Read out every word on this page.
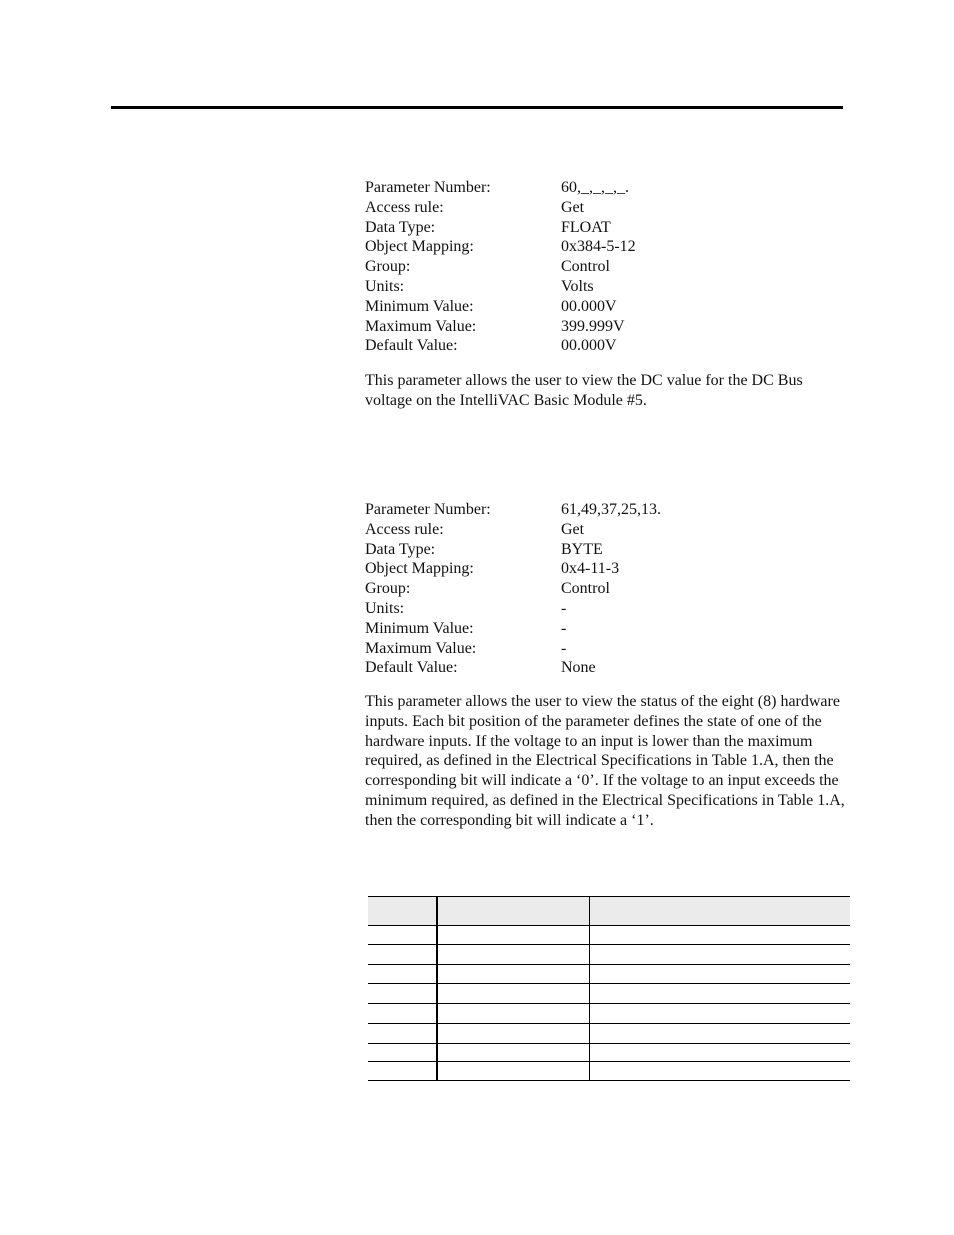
Parameter Number:	60,_,_,_,_.
Access rule:	Get
Data Type:	FLOAT
Object Mapping:	0x384-5-12
Group:	Control
Units:	Volts
Minimum Value:	00.000V
Maximum Value:	399.999V
Default Value:	00.000V

This parameter allows the user to view the DC value for the DC Bus voltage on the IntelliVAC Basic Module #5.

Parameter Number:	61,49,37,25,13.
Access rule:	Get
Data Type:	BYTE
Object Mapping:	0x4-11-3
Group:	Control
Units:	-
Minimum Value:	-
Maximum Value:	-
Default Value:	None

This parameter allows the user to view the status of the eight (8) hardware inputs. Each bit position of the parameter defines the state of one of the hardware inputs. If the voltage to an input is lower than the maximum required, as defined in the Electrical Specifications in Table 1.A, then the corresponding bit will indicate a ‘0’. If the voltage to an input exceeds the minimum required, as defined in the Electrical Specifications in Table 1.A, then the corresponding bit will indicate a ‘1’.
